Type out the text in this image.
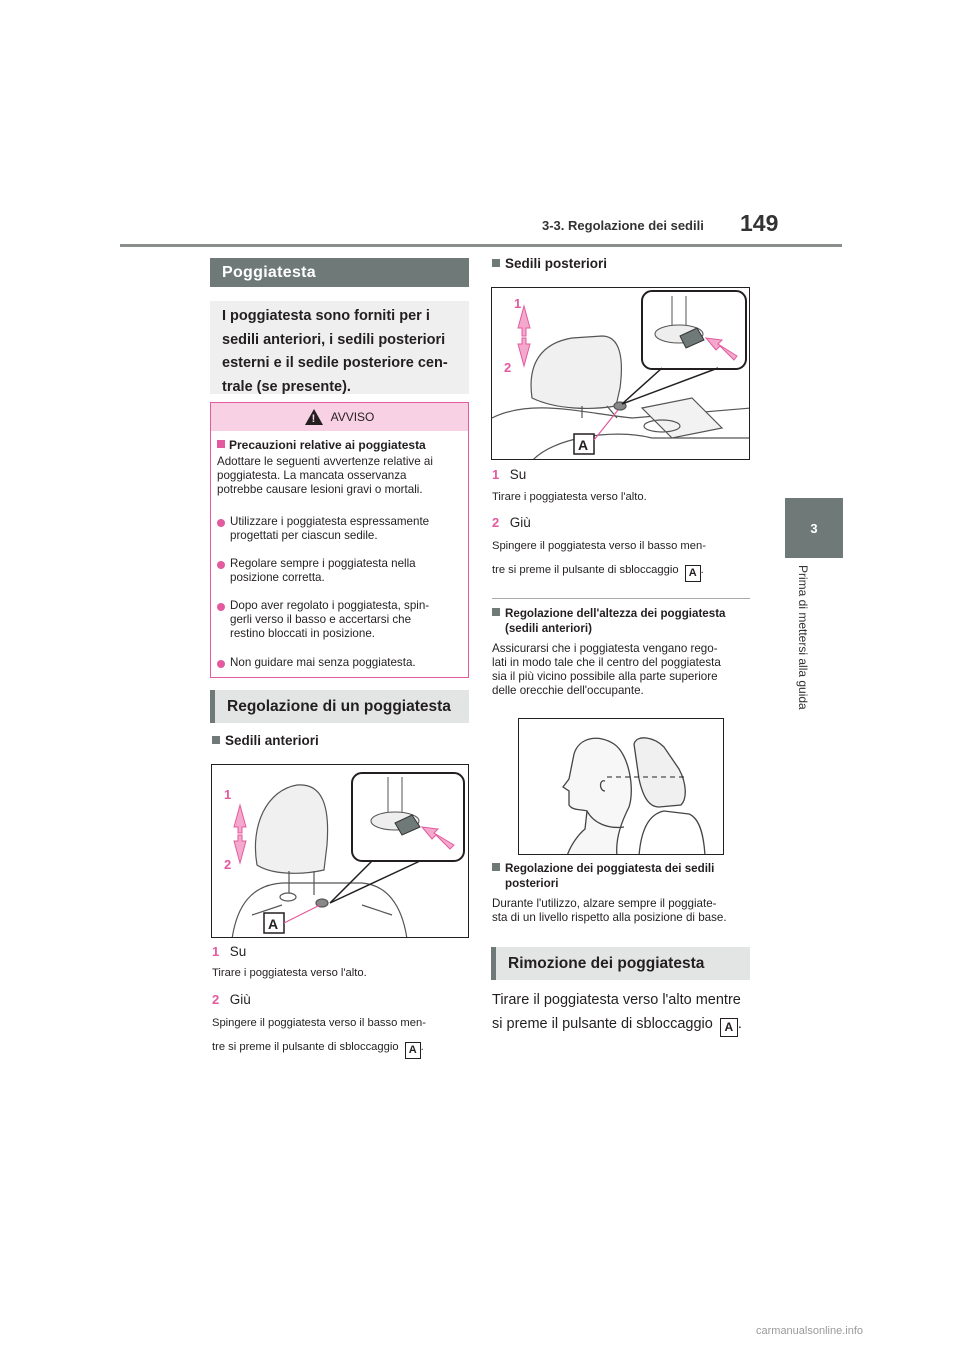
3-3. Regolazione dei sedili 149
3
Prima di mettersi alla guida
Poggiatesta
I poggiatesta sono forniti per i
sedili anteriori, i sedili posteriori
esterni e il sedile posteriore cen-
trale (se presente).
! AVVISO
Precauzioni relative ai poggiatesta
Adottare le seguenti avvertenze relative ai
poggiatesta. La mancata osservanza
potrebbe causare lesioni gravi o mortali.
Utilizzare i poggiatesta espressamente
progettati per ciascun sedile.
Regolare sempre i poggiatesta nella
posizione corretta.
Dopo aver regolato i poggiatesta, spin-
gerli verso il basso e accertarsi che
restino bloccati in posizione.
Non guidare mai senza poggiatesta.
Regolazione di un poggiatesta
Sedili anteriori
1
2
A
1 Su
Tirare i poggiatesta verso l'alto.
2 Giù
Spingere il poggiatesta verso il basso men-
tre si preme il pulsante di sbloccaggio A .
Sedili posteriori
1
2
A
1 Su
Tirare i poggiatesta verso l'alto.
2 Giù
Spingere il poggiatesta verso il basso men-
tre si preme il pulsante di sbloccaggio A .
Regolazione dell'altezza dei poggiatesta
(sedili anteriori)
Assicurarsi che i poggiatesta vengano rego-
lati in modo tale che il centro del poggiatesta
sia il più vicino possibile alla parte superiore
delle orecchie dell'occupante.
Regolazione dei poggiatesta dei sedili
posteriori
Durante l'utilizzo, alzare sempre il poggiate-
sta di un livello rispetto alla posizione di base.
Rimozione dei poggiatesta
Tirare il poggiatesta verso l'alto mentre
si preme il pulsante di sbloccaggio A .
carmanualsonline.info
